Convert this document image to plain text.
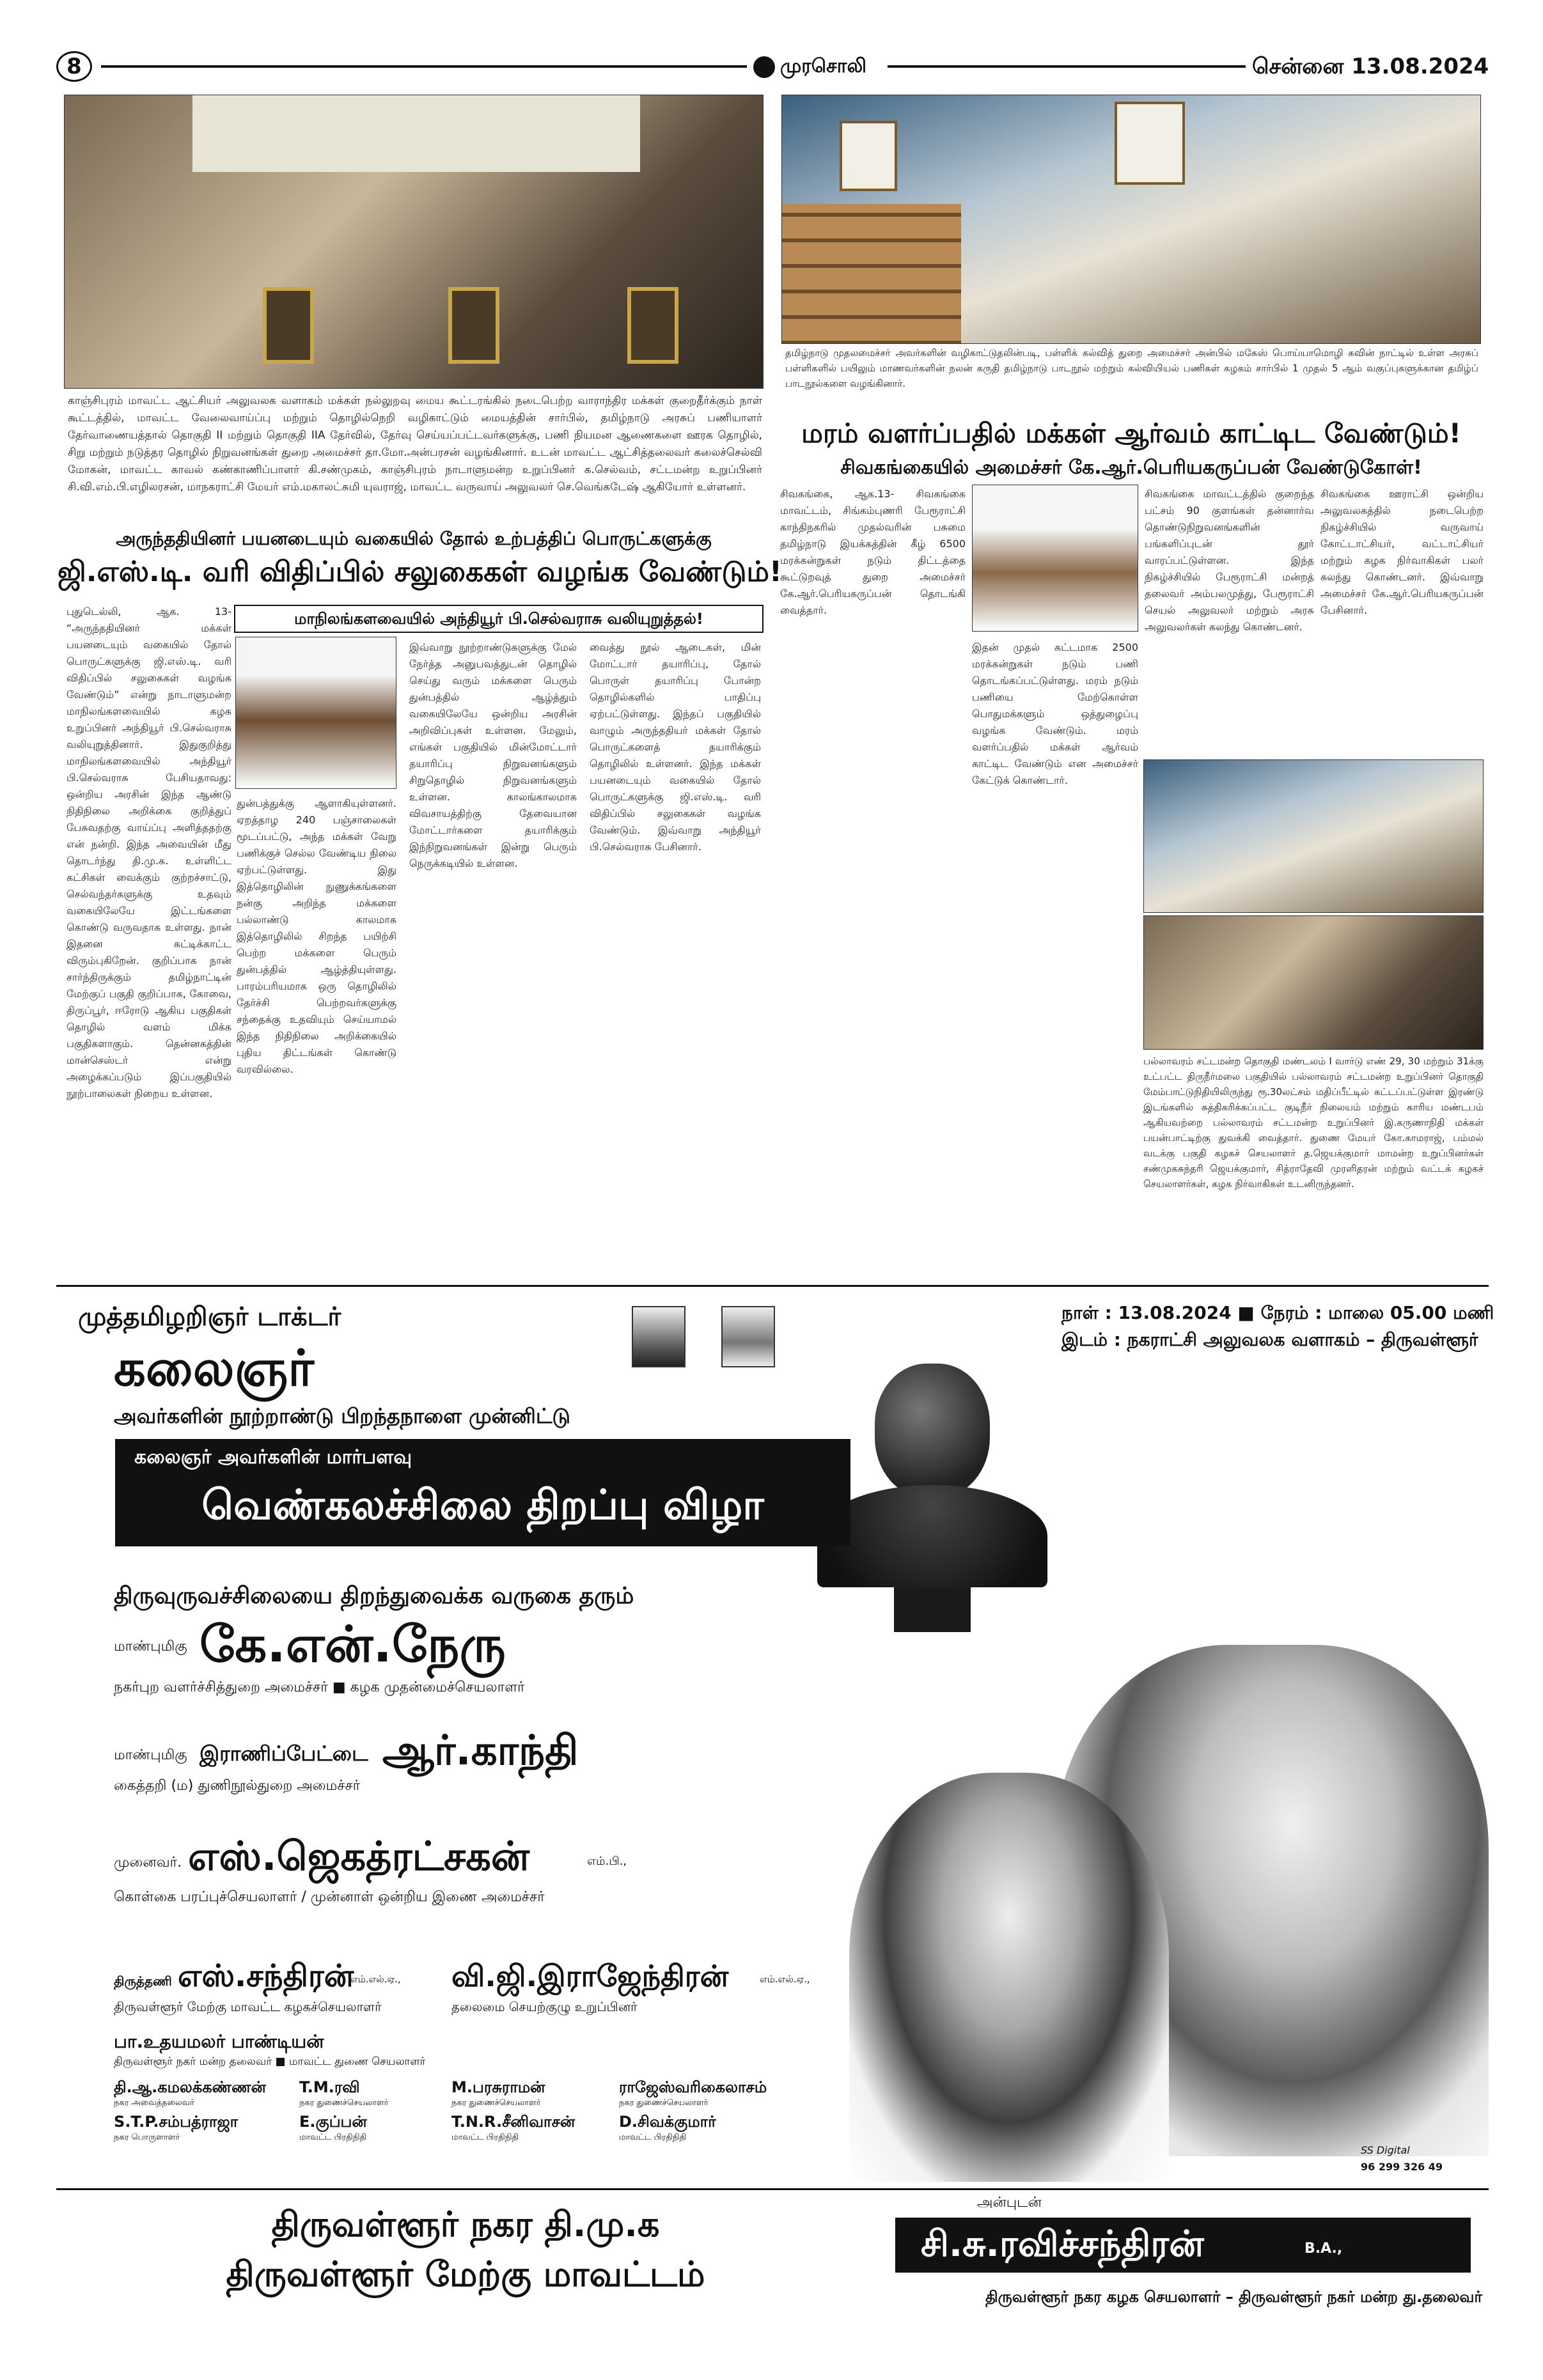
8	முரசொலி	சென்னை 13.08.2024
காஞ்சிபுரம் மாவட்ட ஆட்சியர் அலுவலக வளாகம் மக்கள் நல்லுறவு மைய கூட்டரங்கில் நடைபெற்ற வாராந்திர மக்கள் குறைதீர்க்கும் நாள் கூட்டத்தில், மாவட்ட வேலைவாய்ப்பு மற்றும் தொழில்நெறி வழிகாட்டும் மையத்தின் சார்பில், தமிழ்நாடு அரசுப் பணியாளர் தேர்வாணையத்தால் தொகுதி II மற்றும் தொகுதி IIA தேர்வில், தேர்வு செய்யப்பட்டவர்களுக்கு, பணி நியமன ஆணைகளை ஊரக தொழில், சிறு மற்றும் நடுத்தர தொழில் நிறுவனங்கள் துறை அமைச்சர் தா.மோ.அன்பரசன் வழங்கினார். உடன் மாவட்ட ஆட்சித்தலைவர் கலைச்செல்வி மோகன், மாவட்ட காவல் கண்காணிப்பாளர் கி.சண்முகம், காஞ்சிபுரம் நாடாளுமன்ற உறுப்பினர் க.செல்வம், சட்டமன்ற உறுப்பினர் சி.வி.எம்.பி.எழிலரசன், மாநகராட்சி மேயர் எம்.மகாலட்சுமி யுவராஜ், மாவட்ட வருவாய் அலுவலர் செ.வெங்கடேஷ் ஆகியோர் உள்ளனர்.
தமிழ்நாடு முதலமைச்சர் அவர்களின் வழிகாட்டுதலின்படி, பள்ளிக் கல்வித் துறை அமைச்சர் அன்பில் மகேஸ் பொய்யாமொழி கவின் நாட்டில் உள்ள அரசுப் பள்ளிகளில் பயிலும் மாணவர்களின் நலன் கருதி தமிழ்நாடு பாடநூல் மற்றும் கல்வியியல் பணிகள் கழகம் சார்பில் 1 முதல் 5 ஆம் வகுப்புகளுக்கான தமிழ்ப் பாடநூல்களை வழங்கினார்.
மரம் வளர்ப்பதில் மக்கள் ஆர்வம் காட்டிட வேண்டும்!
சிவகங்கையில் அமைச்சர் கே.ஆர்.பெரியகருப்பன் வேண்டுகோள்!
சிவகங்கை, ஆக.13- சிவகங்கை மாவட்டம், சிங்கம்புணரி பேரூராட்சி காந்திநகரில் முதல்வரின் பசுமை தமிழ்நாடு இயக்கத்தின் கீழ் 6500 மரக்கன்றுகள் நடும் திட்டத்தை கூட்டுறவுத் துறை அமைச்சர் கே.ஆர்.பெரியகருப்பன் தொடங்கி வைத்தார்.
இதன் முதல் கட்டமாக 2500 மரக்கன்றுகள் நடும் பணி தொடங்கப்பட்டுள்ளது. மரம் நடும் பணியை மேற்கொள்ள பொதுமக்களும் ஒத்துழைப்பு வழங்க வேண்டும். மரம் வளர்ப்பதில் மக்கள் ஆர்வம் காட்டிட வேண்டும் என அமைச்சர் கேட்டுக் கொண்டார்.
சிவகங்கை மாவட்டத்தில் குறைந்த பட்சம் 90 குளங்கள் தன்னார்வ தொண்டுநிறுவனங்களின் பங்களிப்புடன் தூர் வாரப்பட்டுள்ளன. இந்த நிகழ்ச்சியில் பேரூராட்சி மன்றத் தலைவர் அம்பலமுத்து, பேரூராட்சி செயல் அலுவலர் மற்றும் அரசு அலுவலர்கள் கலந்து கொண்டனர்.
சிவகங்கை ஊராட்சி ஒன்றிய அலுவலகத்தில் நடைபெற்ற நிகழ்ச்சியில் வருவாய் கோட்டாட்சியர், வட்டாட்சியர் மற்றும் கழக நிர்வாகிகள் பலர் கலந்து கொண்டனர். இவ்வாறு அமைச்சர் கே.ஆர்.பெரியகருப்பன் பேசினார்.
பல்லாவரம் சட்டமன்ற தொகுதி மண்டலம் I வார்டு எண் 29, 30 மற்றும் 31க்கு உட்பட்ட திருநீர்மலை பகுதியில் பல்லாவரம் சட்டமன்ற உறுப்பினர் தொகுதி மேம்பாட்டுநிதியிலிருந்து ரூ.30லட்சம் மதிப்பீட்டில் கட்டப்பட்டுள்ள இரண்டு இடங்களில் சுத்திகரிக்கப்பட்ட குடிநீர் நிலையம் மற்றும் காரிய மண்டபம் ஆகியவற்றை பல்லாவரம் சட்டமன்ற உறுப்பினர் இ.கருணாநிதி மக்கள் பயன்பாட்டிற்கு துவக்கி வைத்தார். துணை மேயர் கோ.காமராஜ், பம்மல் வடக்கு பகுதி கழகச் செயலாளர் த.ஜெயக்குமார் மாமன்ற உறுப்பினர்கள் சண்முகசுந்தரி ஜெயக்குமார், சித்ராதேவி முரளிதரன் மற்றும் வட்டக் கழகச் செயலாளர்கள், கழக நிர்வாகிகள் உடனிருந்தனர்.
அருந்ததியினர் பயனடையும் வகையில் தோல் உற்பத்திப் பொருட்களுக்கு
ஜி.எஸ்.டி. வரி விதிப்பில் சலுகைகள் வழங்க வேண்டும்!
புதுடெல்லி, ஆக. 13- “அருந்ததியினர் மக்கள் பயனடையும் வகையில் தோல் பொருட்களுக்கு ஜி.எஸ்.டி. வரி விதிப்பில் சலுகைகள் வழங்க வேண்டும்” என்று நாடாளுமன்ற மாநிலங்களவையில் கழக உறுப்பினர் அந்தியூர் பி.செல்வராசு வலியுறுத்தினார். இதுகுறித்து மாநிலங்களவையில் அந்தியூர் பி.செல்வராசு பேசியதாவது: ஒன்றிய அரசின் இந்த ஆண்டு நிதிநிலை அறிக்கை குறித்துப் பேசுவதற்கு வாய்ப்பு அளித்ததற்கு என் நன்றி. இந்த அவையின் மீது தொடர்ந்து தி.மு.க. உள்ளிட்ட கட்சிகள் வைக்கும் குற்றச்சாட்டு, செல்வந்தர்களுக்கு உதவும் வகையிலேயே இட்டங்களை கொண்டு வருவதாக உள்ளது. நான் இதனை சுட்டிக்காட்ட விரும்புகிறேன். குறிப்பாக நான் சார்ந்திருக்கும் தமிழ்நாட்டின் மேற்குப் பகுதி குறிப்பாக, கோவை, திருப்பூர், ஈரோடு ஆகிய பகுதிகள் தொழில் வளம் மிக்க பகுதிகளாகும். தென்னகத்தின் மான்செஸ்டர் என்று அழைக்கப்படும் இப்பகுதியில் நூற்பாலைகள் நிறைய உள்ளன.
மாநிலங்களவையில் அந்தியூர் பி.செல்வராசு வலியுறுத்தல்!
துன்பத்துக்கு ஆளாகியுள்ளனர். ஏறத்தாழ 240 பஞ்சாலைகள் மூடப்பட்டு, அந்த மக்கள் வேறு பணிக்குச் செல்ல வேண்டிய நிலை ஏற்பட்டுள்ளது. இது இத்தொழிலின் நுணுக்கங்களை நன்கு அறிந்த மக்களை பல்லாண்டு காலமாக இத்தொழிலில் சிறந்த பயிற்சி பெற்ற மக்களை பெரும் துன்பத்தில் ஆழ்த்தியுள்ளது. பாரம்பரியமாக ஒரு தொழிலில் தேர்ச்சி பெற்றவர்களுக்கு சந்தைக்கு உதவியும் செய்யாமல் இந்த நிதிநிலை அறிக்கையில் புதிய திட்டங்கள் கொண்டு வரவில்லை.
இவ்வாறு நூற்றாண்டுகளுக்கு மேல் நேர்த்த அனுபவத்துடன் தொழில் செய்து வரும் மக்களை பெரும் துன்பத்தில் ஆழ்த்தும் வகையிலேயே ஒன்றிய அரசின் அறிவிப்புகள் உள்ளன. மேலும், எங்கள் பகுதியில் மின்மோட்டார் தயாரிப்பு நிறுவனங்களும் சிறுதொழில் நிறுவனங்களும் உள்ளன. காலங்காலமாக விவசாயத்திற்கு தேவையான மோட்டார்களை தயாரிக்கும் இந்நிறுவனங்கள் இன்று பெரும் நெருக்கடியில் உள்ளன.
வைத்து நூல் ஆடைகள், மின் மோட்டார் தயாரிப்பு, தோல் பொருள் தயாரிப்பு போன்ற தொழில்களில் பாதிப்பு ஏற்பட்டுள்ளது. இந்தப் பகுதியில் வாழும் அருந்ததியர் மக்கள் தோல் பொருட்களைத் தயாரிக்கும் தொழிலில் உள்ளனர். இந்த மக்கள் பயனடையும் வகையில் தோல் பொருட்களுக்கு ஜி.எஸ்.டி. வரி விதிப்பில் சலுகைகள் வழங்க வேண்டும். இவ்வாறு அந்தியூர் பி.செல்வராசு பேசினார்.
முத்தமிழறிஞர் டாக்டர்
கலைஞர்
அவர்களின் நூற்றாண்டு பிறந்தநாளை முன்னிட்டு
நாள் : 13.08.2024 ■ நேரம் : மாலை 05.00 மணி
இடம் : நகராட்சி அலுவலக வளாகம் – திருவள்ளூர்
கலைஞர் அவர்களின் மார்பளவு
வெண்கலச்சிலை திறப்பு விழா
திருவுருவச்சிலையை திறந்துவைக்க வருகை தரும்
மாண்புமிகு கே.என்.நேரு
நகர்புற வளர்ச்சித்துறை அமைச்சர் ■ கழக முதன்மைச்செயலாளர்
மாண்புமிகு இராணிப்பேட்டை ஆர்.காந்தி
கைத்தறி (ம) துணிநூல்துறை அமைச்சர்
முனைவர். எஸ்.ஜெகத்ரட்சகன்	எம்.பி.,
கொள்கை பரப்புச்செயலாளர் / முன்னாள் ஒன்றிய இணை அமைச்சர்
திருத்தணி எஸ்.சந்திரன்
எம்.எல்.ஏ.,
திருவள்ளூர் மேற்கு மாவட்ட கழகச்செயலாளர்
வி.ஜி.இராஜேந்திரன்	எம்.எல்.ஏ.,
தலைமை செயற்குழு உறுப்பினர்
பா.உதயமலர் பாண்டியன்
திருவள்ளூர் நகர் மன்ற தலைவர் ■ மாவட்ட துணை செயலாளர்
தி.ஆ.கமலக்கண்ணன்
நகர அவைத்தலைவர்
T.M.ரவி
நகர துணைச்செயலாளர்
M.பரசுராமன்
நகர துணைச்செயலாளர்
ராஜேஸ்வரிகைலாசம்
நகர துணைச்செயலாளர்
S.T.P.சம்பத்ராஜா
நகர பொருளாளர்
E.குப்பன்
மாவட்ட பிரதிநிதி
T.N.R.சீனிவாசன்
மாவட்ட பிரதிநிதி
D.சிவக்குமார்
மாவட்ட பிரதிநிதி
SS Digital
96 299 326 49
திருவள்ளூர் நகர தி.மு.க
திருவள்ளூர் மேற்கு மாவட்டம்
அன்புடன்
சி.சு.ரவிச்சந்திரன்	B.A.,
திருவள்ளூர் நகர கழக செயலாளர் – திருவள்ளூர் நகர் மன்ற து.தலைவர்
